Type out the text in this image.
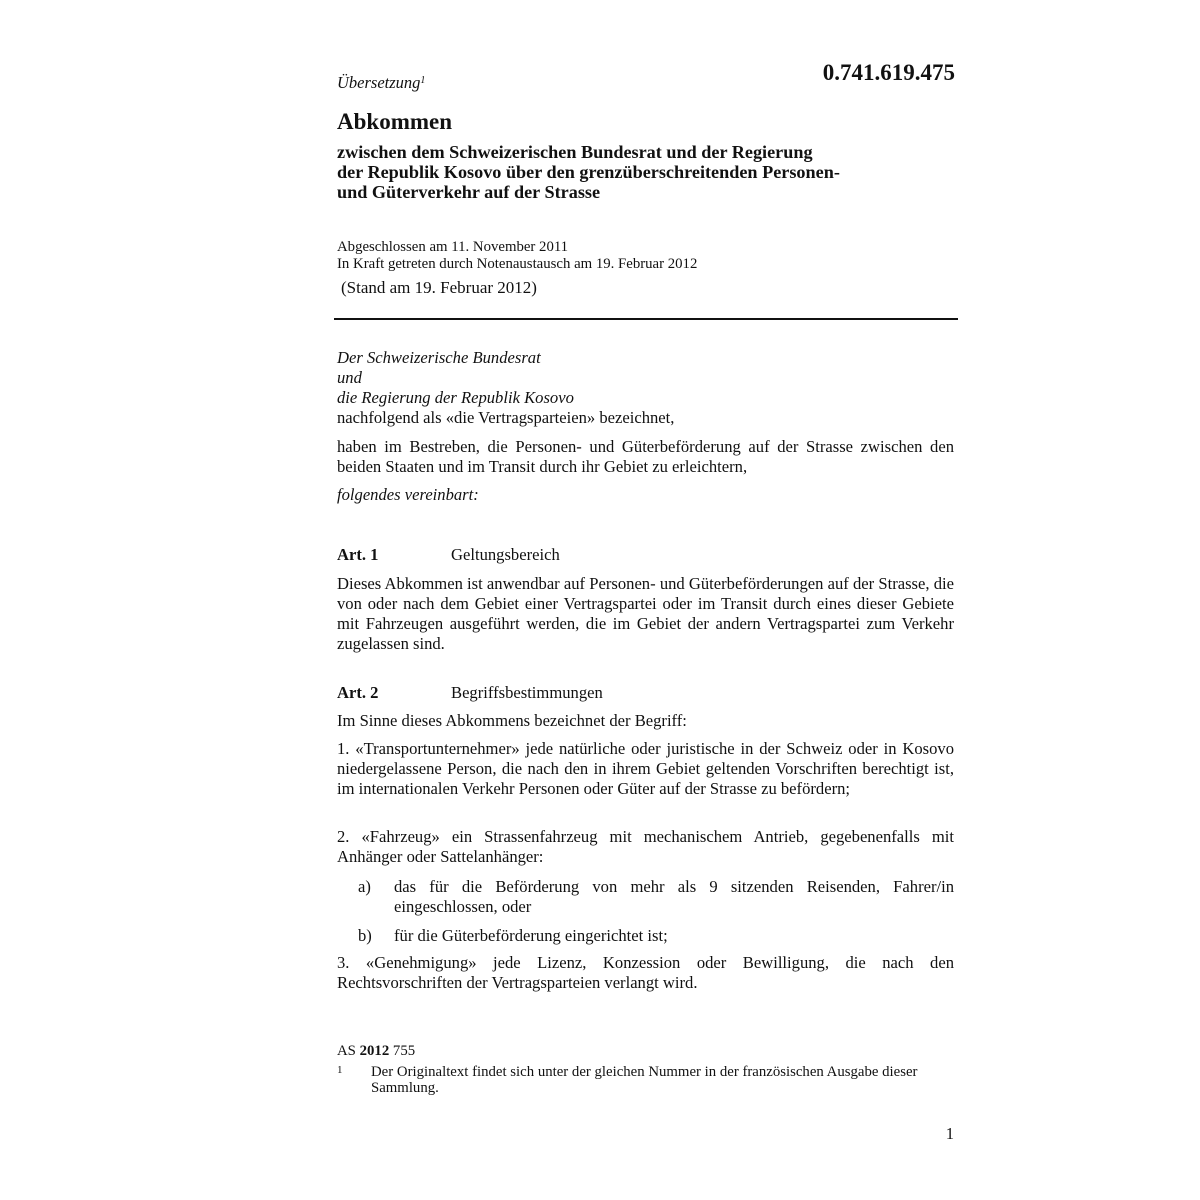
Übersetzung$^1$	0.741.619.475
Abkommen
zwischen dem Schweizerischen Bundesrat und der Regierung
der Republik Kosovo über den grenzüberschreitenden Personen-
und Güterverkehr auf der Strasse
Abgeschlossen am 11. November 2011
In Kraft getreten durch Notenaustausch am 19. Februar 2012
(Stand am 19. Februar 2012)
Der Schweizerische Bundesrat
und
die Regierung der Republik Kosovo
nachfolgend als «die Vertragsparteien» bezeichnet,
haben im Bestreben, die Personen- und Güterbeförderung auf der Strasse zwischen den beiden Staaten und im Transit durch ihr Gebiet zu erleichtern,
folgendes vereinbart:
Art. 1	Geltungsbereich
Dieses Abkommen ist anwendbar auf Personen- und Güterbeförderungen auf der Strasse, die von oder nach dem Gebiet einer Vertragspartei oder im Transit durch eines dieser Gebiete mit Fahrzeugen ausgeführt werden, die im Gebiet der andern Vertragspartei zum Verkehr zugelassen sind.
Art. 2	Begriffsbestimmungen
Im Sinne dieses Abkommens bezeichnet der Begriff:
1. «Transportunternehmer» jede natürliche oder juristische in der Schweiz oder in Kosovo niedergelassene Person, die nach den in ihrem Gebiet geltenden Vorschriften berechtigt ist, im internationalen Verkehr Personen oder Güter auf der Strasse zu befördern;
2. «Fahrzeug» ein Strassenfahrzeug mit mechanischem Antrieb, gegebenenfalls mit Anhänger oder Sattelanhänger:
a) das für die Beförderung von mehr als 9 sitzenden Reisenden, Fahrer/in eingeschlossen, oder
b) für die Güterbeförderung eingerichtet ist;
3. «Genehmigung» jede Lizenz, Konzession oder Bewilligung, die nach den Rechtsvorschriften der Vertragsparteien verlangt wird.
AS 2012 755
1 Der Originaltext findet sich unter der gleichen Nummer in der französischen Ausgabe dieser Sammlung.
1
